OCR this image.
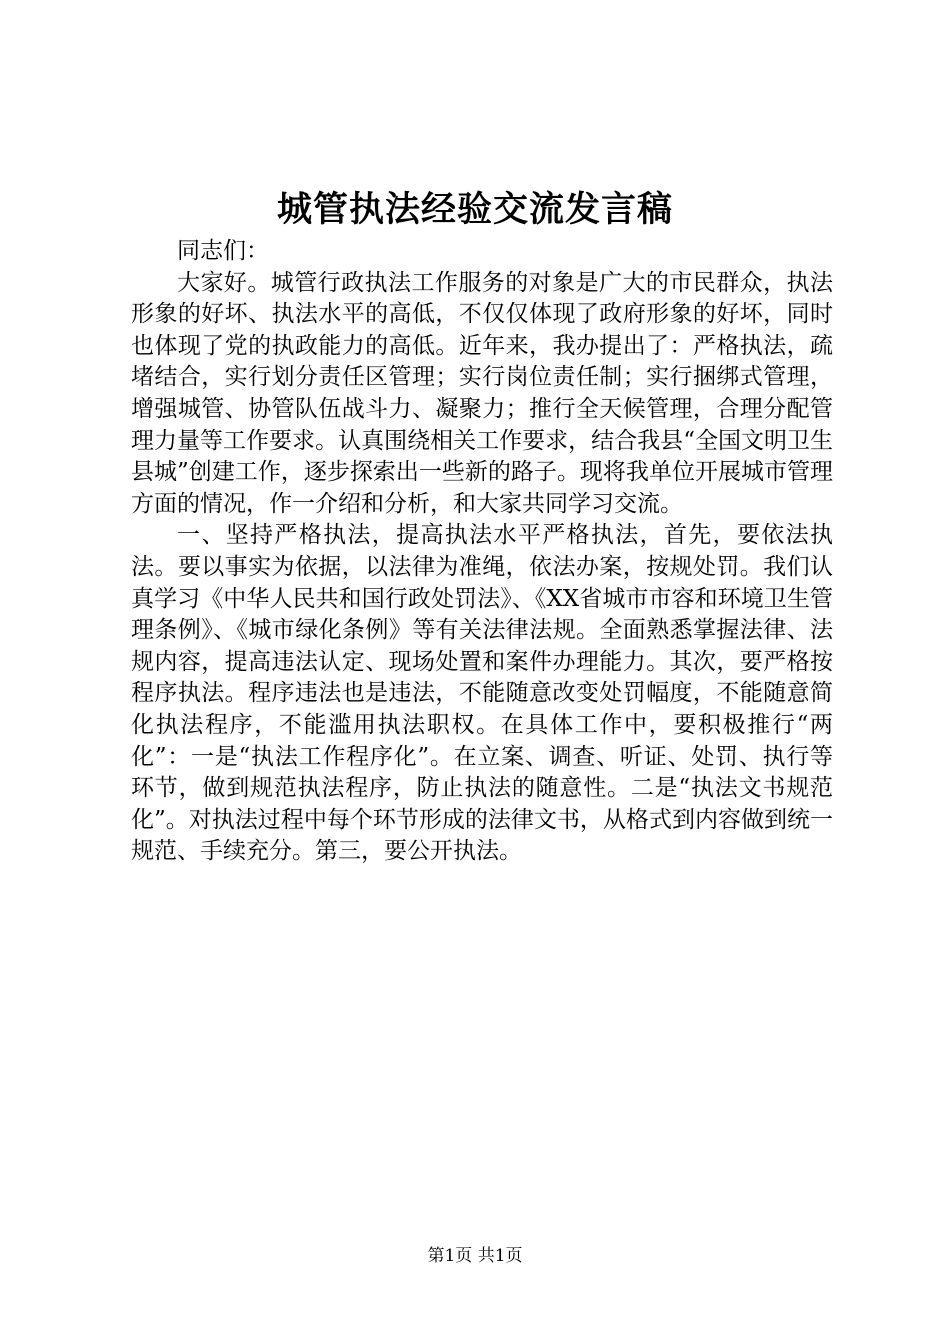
城管执法经验交流发言稿

同志们：

大家好。城管行政执法工作服务的对象是广大的市民群众，执法形象的好坏、执法水平的高低，不仅仅体现了政府形象的好坏，同时也体现了党的执政能力的高低。近年来，我办提出了：严格执法，疏堵结合，实行划分责任区管理；实行岗位责任制；实行捆绑式管理，增强城管、协管队伍战斗力、凝聚力；推行全天候管理，合理分配管理力量等工作要求。认真围绕相关工作要求，结合我县“全国文明卫生县城”创建工作，逐步探索出一些新的路子。现将我单位开展城市管理方面的情况，作一介绍和分析，和大家共同学习交流。

一、坚持严格执法，提高执法水平严格执法，首先，要依法执法。要以事实为依据，以法律为准绳，依法办案，按规处罚。我们认真学习《中华人民共和国行政处罚法》、《XX省城市市容和环境卫生管理条例》、《城市绿化条例》等有关法律法规。全面熟悉掌握法律、法规内容，提高违法认定、现场处置和案件办理能力。其次，要严格按程序执法。程序违法也是违法，不能随意改变处罚幅度，不能随意简化执法程序，不能滥用执法职权。在具体工作中，要积极推行“两化”：一是“执法工作程序化”。在立案、调查、听证、处罚、执行等环节，做到规范执法程序，防止执法的随意性。二是“执法文书规范化”。对执法过程中每个环节形成的法律文书，从格式到内容做到统一规范、手续充分。第三，要公开执法。

第1页 共1页
